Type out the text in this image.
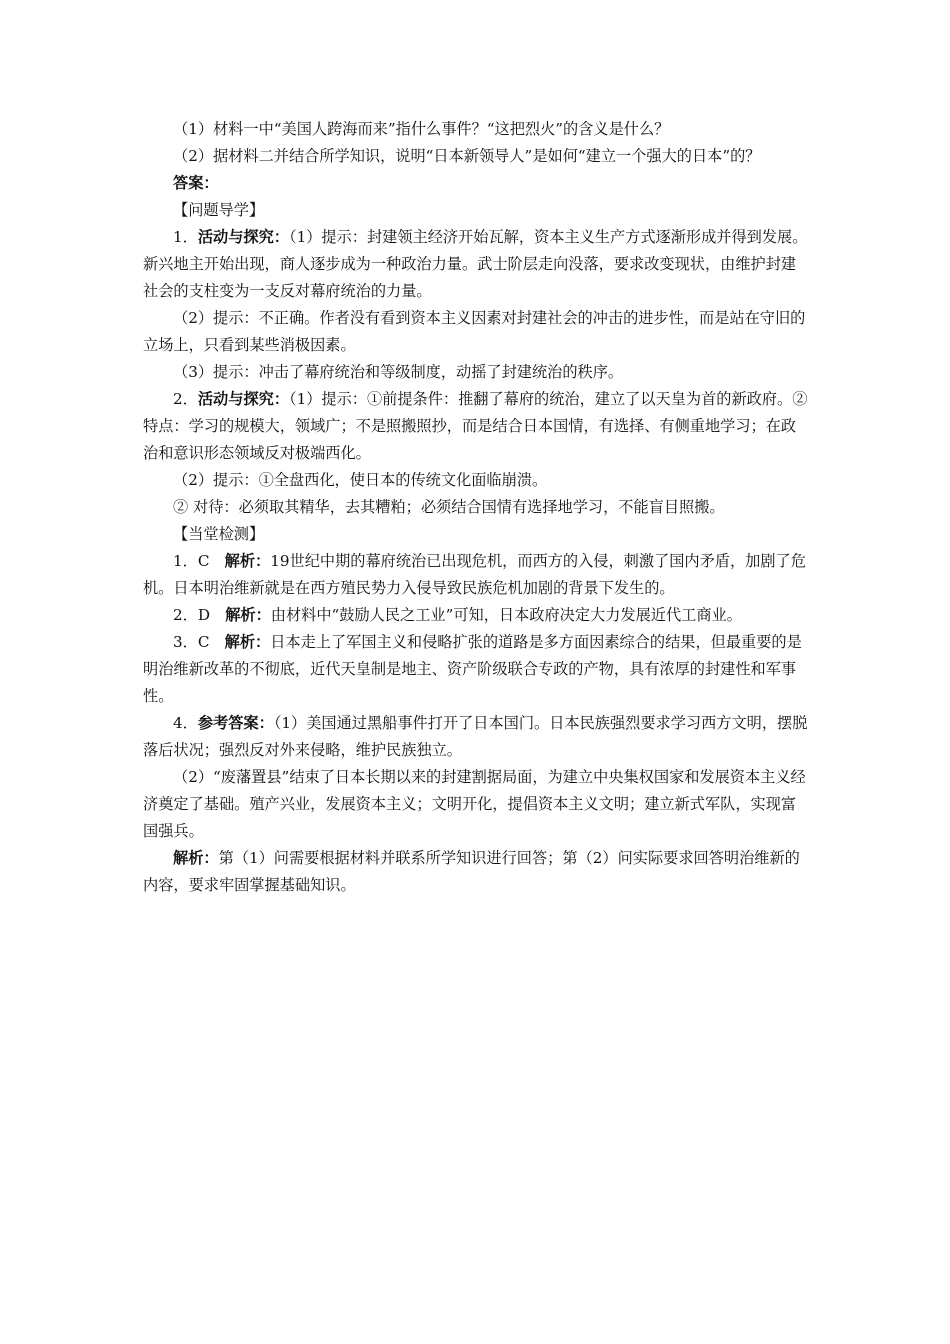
（1）材料一中“美国人跨海而来”指什么事件？“这把烈火”的含义是什么？

（2）据材料二并结合所学知识，说明“日本新领导人”是如何“建立一个强大的日本”的？

答案：

【问题导学】

1．活动与探究：（1）提示：封建领主经济开始瓦解，资本主义生产方式逐渐形成并得到发展。新兴地主开始出现，商人逐步成为一种政治力量。武士阶层走向没落，要求改变现状，由维护封建社会的支柱变为一支反对幕府统治的力量。

（2）提示：不正确。作者没有看到资本主义因素对封建社会的冲击的进步性，而是站在守旧的立场上，只看到某些消极因素。

（3）提示：冲击了幕府统治和等级制度，动摇了封建统治的秩序。

2．活动与探究：（1）提示：①前提条件：推翻了幕府的统治，建立了以天皇为首的新政府。②特点：学习的规模大，领域广；不是照搬照抄，而是结合日本国情，有选择、有侧重地学习；在政治和意识形态领域反对极端西化。

（2）提示：①全盘西化，使日本的传统文化面临崩溃。

② 对待：必须取其精华，去其糟粕；必须结合国情有选择地学习，不能盲目照搬。

【当堂检测】

1．C　解析：19世纪中期的幕府统治已出现危机，而西方的入侵，刺激了国内矛盾，加剧了危机。日本明治维新就是在西方殖民势力入侵导致民族危机加剧的背景下发生的。

2．D　解析：由材料中“鼓励人民之工业”可知，日本政府决定大力发展近代工商业。

3．C　解析：日本走上了军国主义和侵略扩张的道路是多方面因素综合的结果，但最重要的是明治维新改革的不彻底，近代天皇制是地主、资产阶级联合专政的产物，具有浓厚的封建性和军事性。

4．参考答案：（1）美国通过黑船事件打开了日本国门。日本民族强烈要求学习西方文明，摆脱落后状况；强烈反对外来侵略，维护民族独立。

（2）“废藩置县”结束了日本长期以来的封建割据局面，为建立中央集权国家和发展资本主义经济奠定了基础。殖产兴业，发展资本主义；文明开化，提倡资本主义文明；建立新式军队，实现富国强兵。

解析：第（1）问需要根据材料并联系所学知识进行回答；第（2）问实际要求回答明治维新的内容，要求牢固掌握基础知识。
